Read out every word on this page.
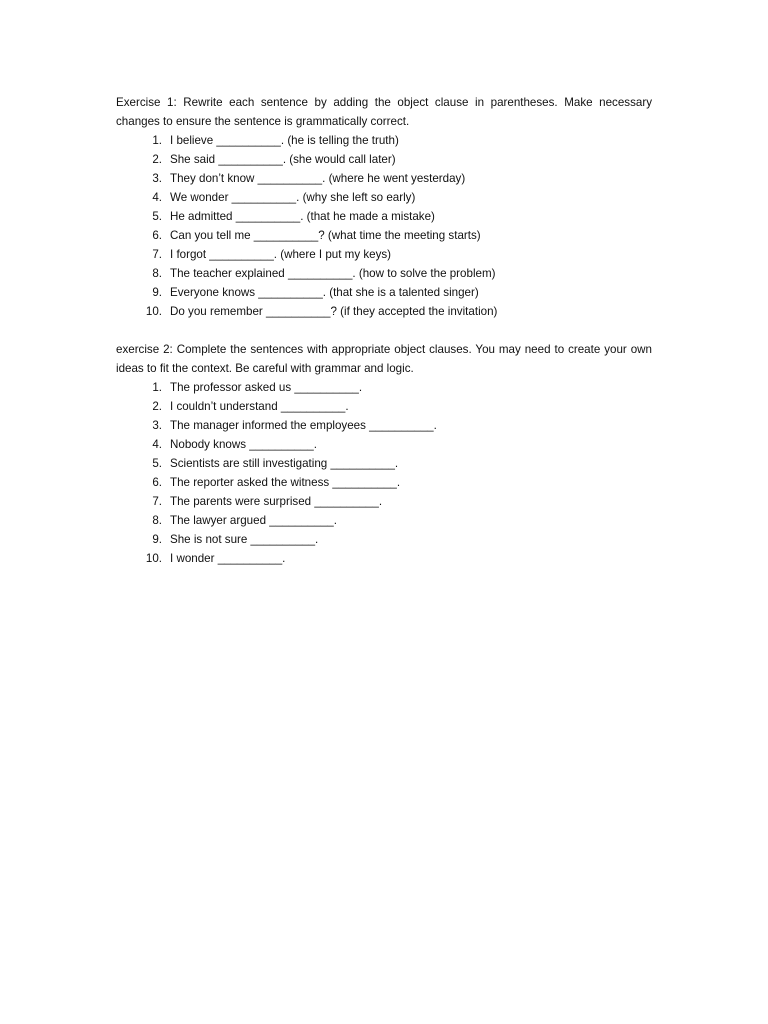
Exercise 1: Rewrite each sentence by adding the object clause in parentheses. Make necessary changes to ensure the sentence is grammatically correct.

1. I believe __________. (he is telling the truth)
2. She said __________. (she would call later)
3. They don’t know __________. (where he went yesterday)
4. We wonder __________. (why she left so early)
5. He admitted __________. (that he made a mistake)
6. Can you tell me __________? (what time the meeting starts)
7. I forgot __________. (where I put my keys)
8. The teacher explained __________. (how to solve the problem)
9. Everyone knows __________. (that she is a talented singer)
10. Do you remember __________? (if they accepted the invitation)

exercise 2: Complete the sentences with appropriate object clauses. You may need to create your own ideas to fit the context. Be careful with grammar and logic.

1. The professor asked us __________.
2. I couldn’t understand __________.
3. The manager informed the employees __________.
4. Nobody knows __________.
5. Scientists are still investigating __________.
6. The reporter asked the witness __________.
7. The parents were surprised __________.
8. The lawyer argued __________.
9. She is not sure __________.
10. I wonder __________.
